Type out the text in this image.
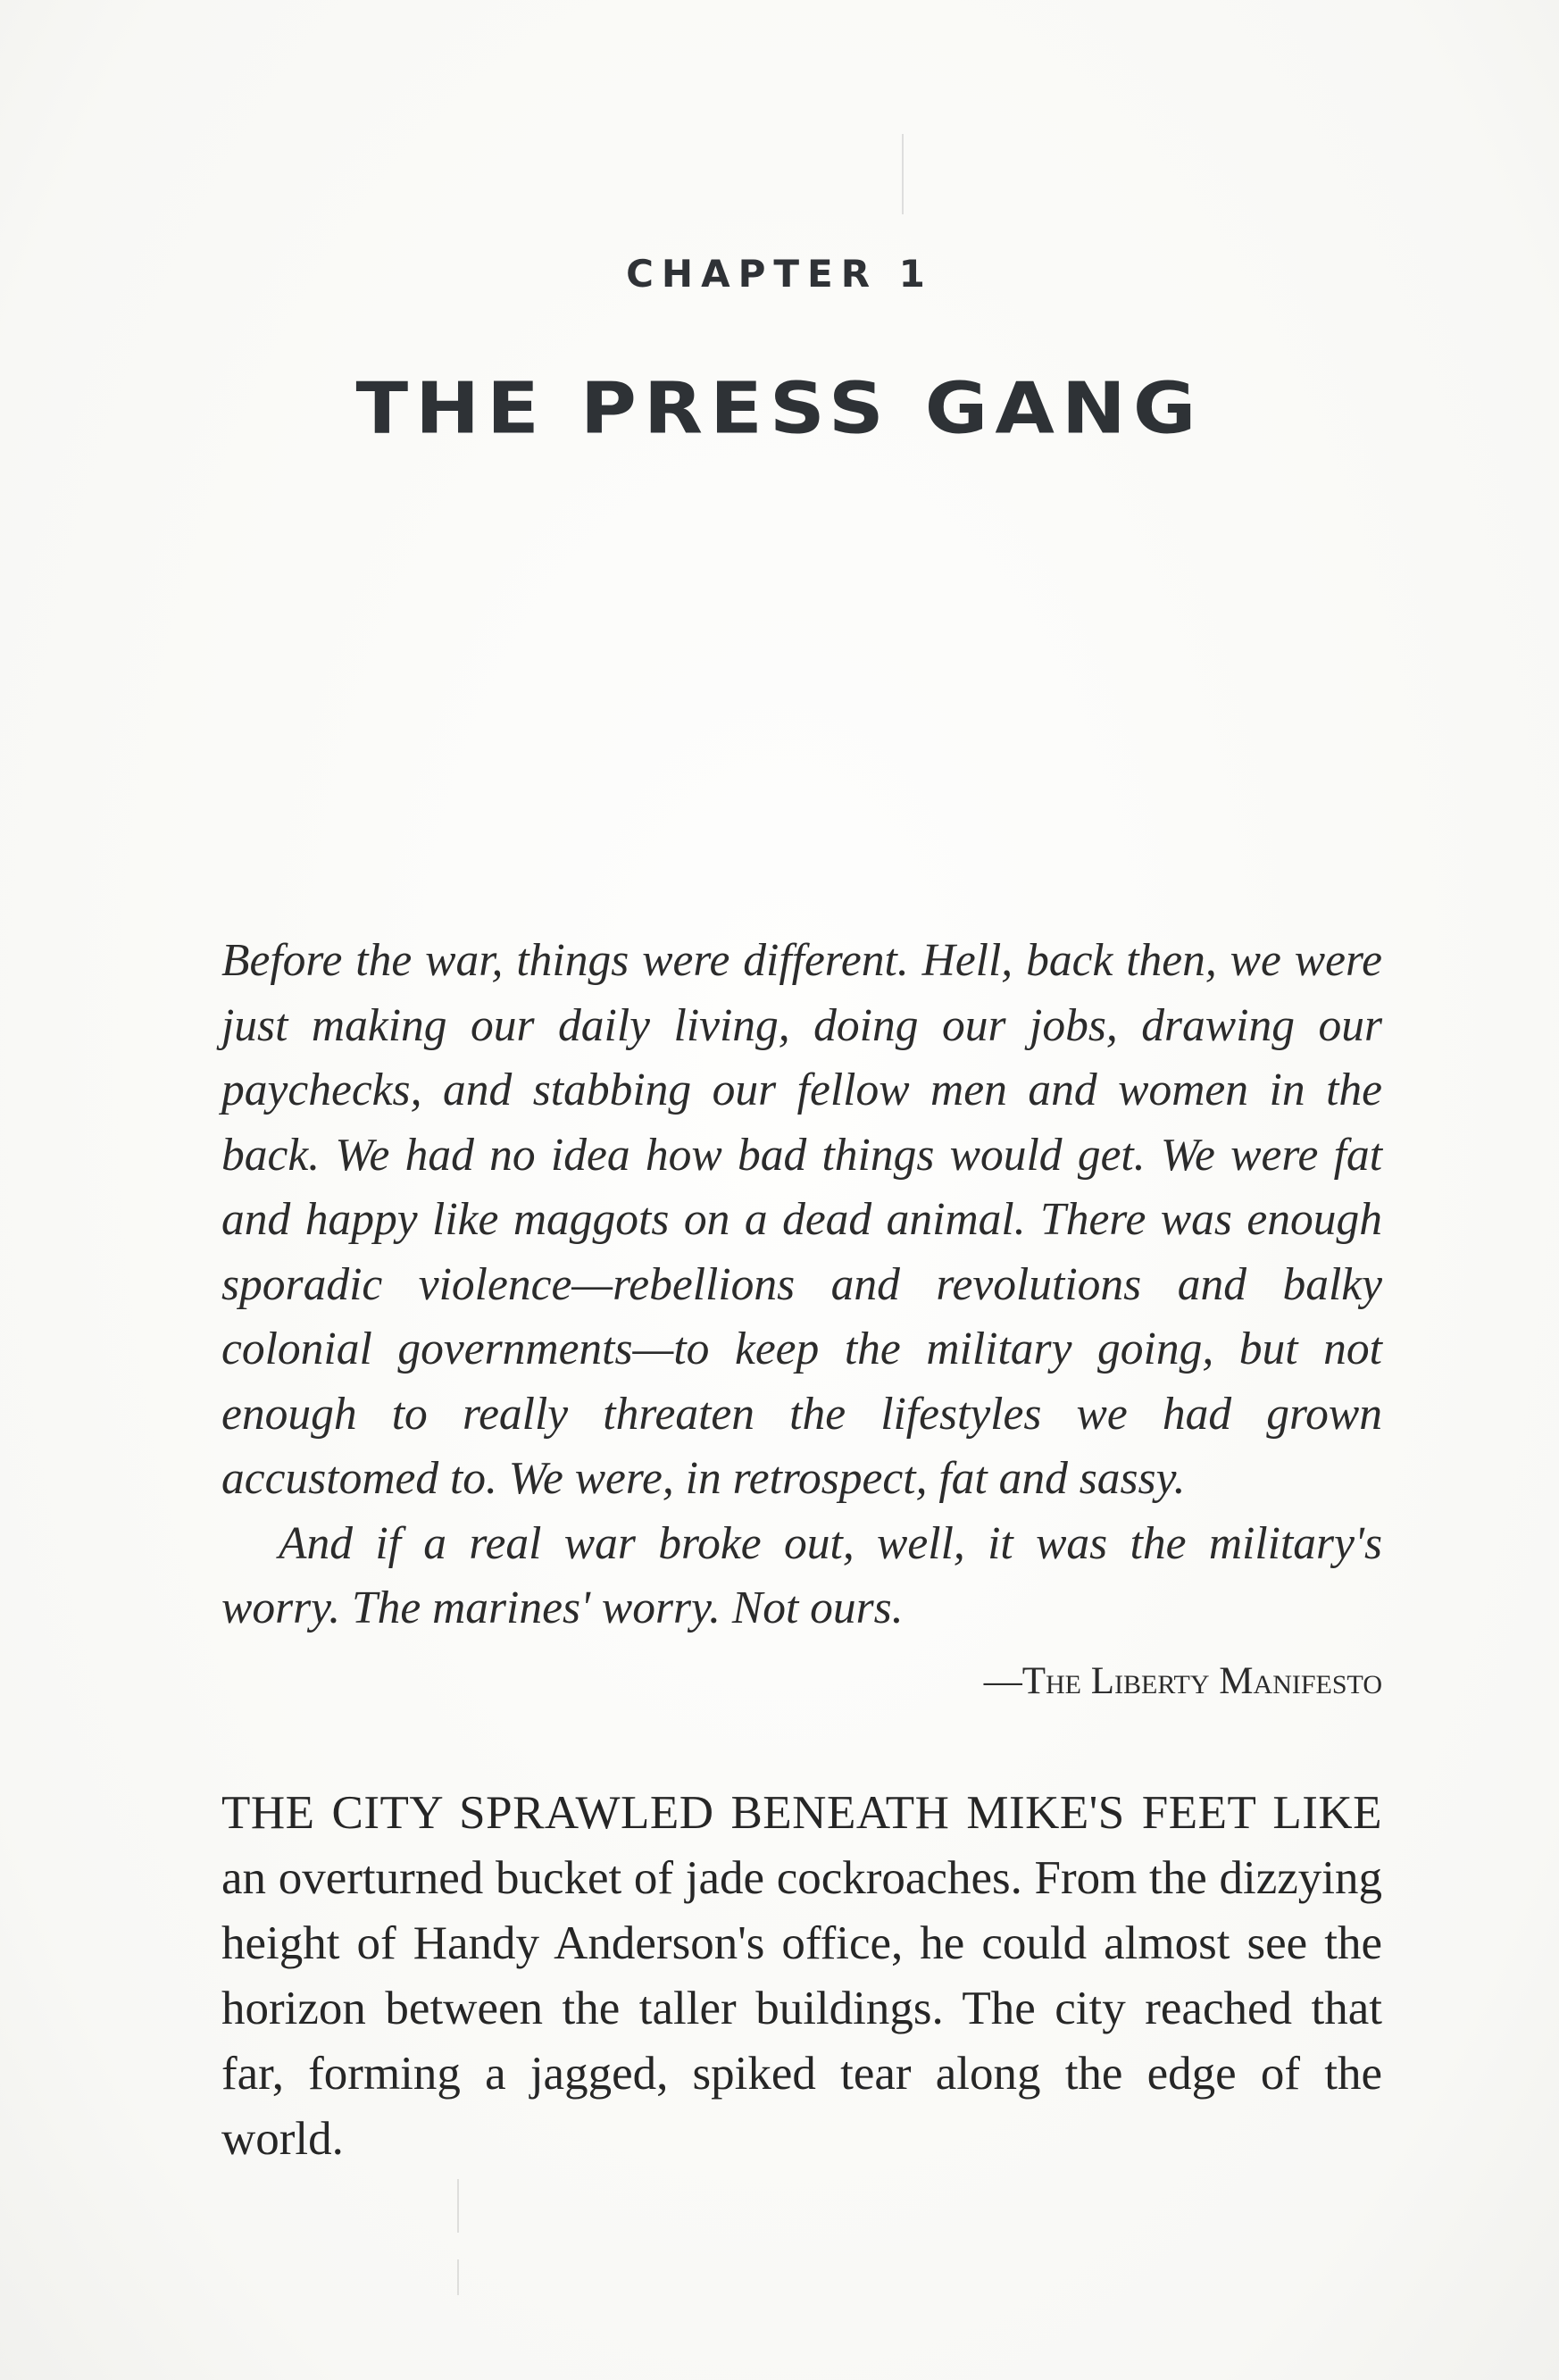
CHAPTER 1
THE PRESS GANG

Before the war, things were different. Hell, back then, we were just making our daily living, doing our jobs, drawing our paychecks, and stabbing our fellow men and women in the back. We had no idea how bad things would get. We were fat and happy like maggots on a dead animal. There was enough sporadic violence—rebellions and revolutions and balky colonial governments—to keep the military going, but not enough to really threaten the lifestyles we had grown accustomed to. We were, in retrospect, fat and sassy.

And if a real war broke out, well, it was the military's worry. The marines' worry. Not ours.

—The Liberty Manifesto

THE CITY SPRAWLED BENEATH MIKE'S FEET LIKE an overturned bucket of jade cockroaches. From the dizzying height of Handy Anderson's office, he could almost see the horizon between the taller buildings. The city reached that far, forming a jagged, spiked tear along the edge of the world.
